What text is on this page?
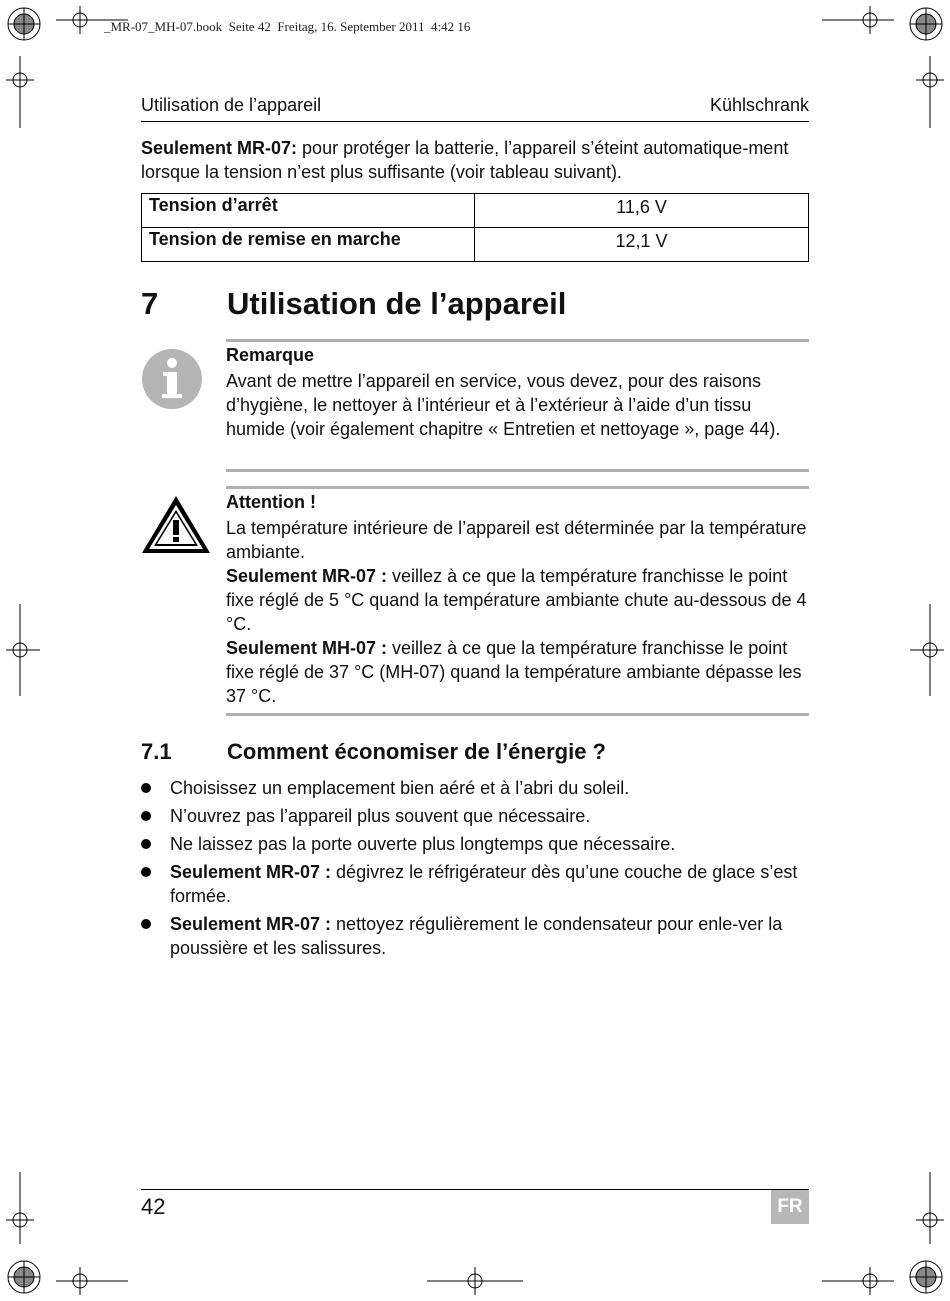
_MR-07_MH-07.book  Seite 42  Freitag, 16. September 2011  4:42 16
Utilisation de l’appareil	Kühlschrank
Seulement MR-07: pour protéger la batterie, l’appareil s’éteint automatique-ment lorsque la tension n’est plus suffisante (voir tableau suivant).
Tension d’arrêt	11,6 V
Tension de remise en marche	12,1 V
7 Utilisation de l’appareil
Remarque
Avant de mettre l’appareil en service, vous devez, pour des raisons d’hygiène, le nettoyer à l’intérieur et à l’extérieur à l’aide d’un tissu humide (voir également chapitre « Entretien et nettoyage », page 44).
Attention !
La température intérieure de l’appareil est déterminée par la température ambiante.
Seulement MR-07 : veillez à ce que la température franchisse le point fixe réglé de 5 °C quand la température ambiante chute au-dessous de 4 °C.
Seulement MH-07 : veillez à ce que la température franchisse le point fixe réglé de 37 °C (MH-07) quand la température ambiante dépasse les 37 °C.
7.1	Comment économiser de l’énergie ?
Choisissez un emplacement bien aéré et à l’abri du soleil.
N’ouvrez pas l’appareil plus souvent que nécessaire.
Ne laissez pas la porte ouverte plus longtemps que nécessaire.
Seulement MR-07 : dégivrez le réfrigérateur dès qu’une couche de glace s’est formée.
Seulement MR-07 : nettoyez régulièrement le condensateur pour enle-ver la poussière et les salissures.
42	FR
